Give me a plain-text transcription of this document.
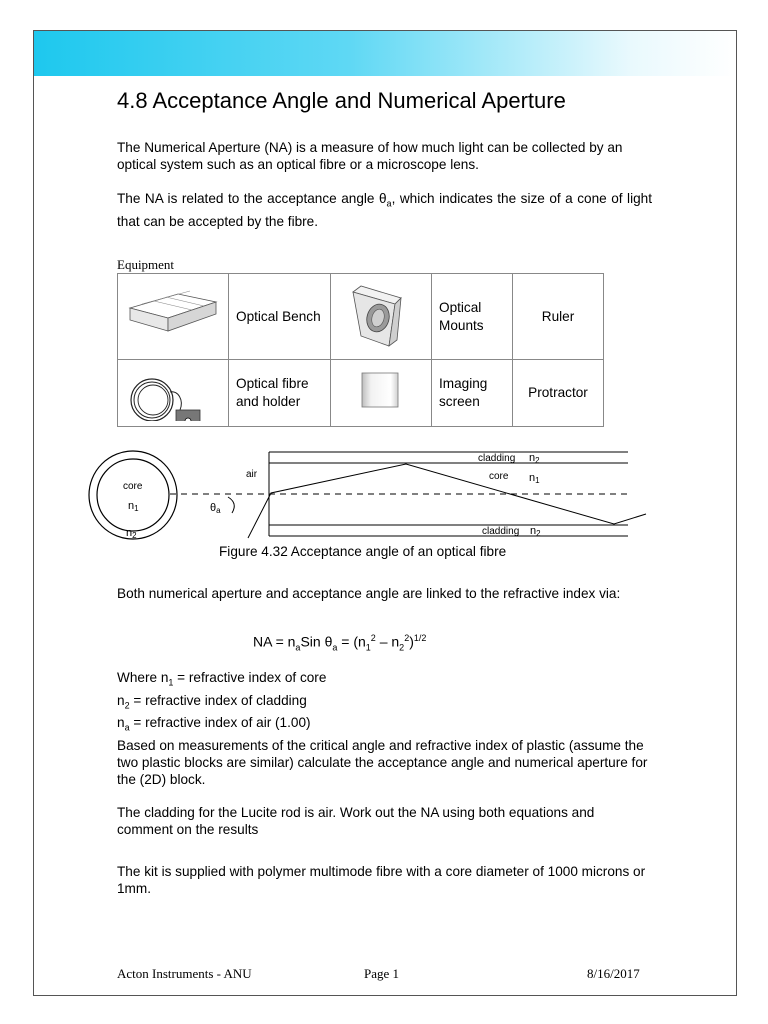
4.8 Acceptance Angle and Numerical Aperture
The Numerical Aperture (NA) is a measure of how much light can be collected by an optical system such as an optical fibre or a microscope lens.
The NA is related to the acceptance angle $\theta_a$, which indicates the size of a cone of light that can be accepted by the fibre.
Equipment
	Optical Bench		Optical Mounts	Ruler
	Optical fibre and holder		Imaging screen	Protractor
core
n1
n2
θa
air
cladding n2
core n1
cladding n2
Figure 4.32 Acceptance angle of an optical fibre
Both numerical aperture and acceptance angle are linked to the refractive index via:
NA = $n_aSin$ $\theta_a = (n_1^2 - n_2^2)^{1/2}$
Where $n_1$ = refractive index of core
$n_2$ = refractive index of cladding
$n_a$ = refractive index of air (1.00)
Based on measurements of the critical angle and refractive index of plastic (assume the two plastic blocks are similar) calculate the acceptance angle and numerical aperture for the (2D) block.
The cladding for the Lucite rod is air. Work out the NA using both equations and comment on the results
The kit is supplied with polymer multimode fibre with a core diameter of 1000 microns or 1mm.
Acton Instruments - ANU	Page 1	8/16/2017
